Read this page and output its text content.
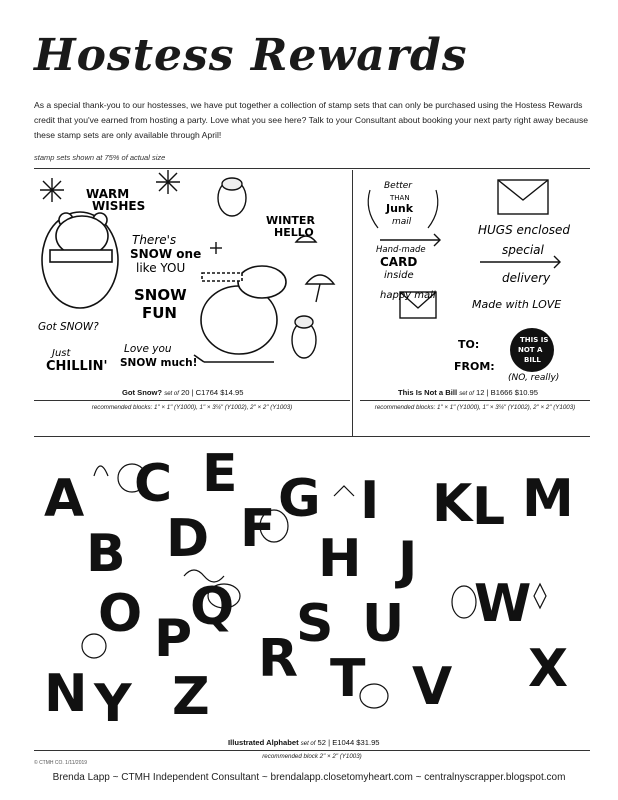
Hostess Rewards
As a special thank-you to our hostesses, we have put together a collection of stamp sets that can only be purchased using the Hostess Rewards credit that you've earned from hosting a party. Love what you see here? Talk to your Consultant about booking your next party right away because these stamp sets are only available through April!
stamp sets shown at 75% of actual size
WARM
WISHES
WINTER
HELLO
There's
SNOW one
like YOU
SNOW
FUN
Got SNOW?
Just
CHILLIN'
Love you
SNOW much!
Got Snow? set of 20 | C1764 $14.95
recommended blocks: 1" × 1" (Y1000), 1" × 3¼" (Y1002), 2" × 2" (Y1003)
Better
THAN
Junk
mail
HUGS enclosed
Hand-made
CARD
inside
special
delivery
happy mail
Made with LOVE
TO:
FROM:
THIS IS
NOT A
BILL
(NO, really)
This Is Not a Bill set of 12 | B1666 $10.95
recommended blocks: 1" × 1" (Y1000), 1" × 3¼" (Y1002), 2" × 2" (Y1003)
A
B
C
D
E
F G
H
I
J
K L M
N
O P
Q
R
S
T
U
V
W
X
Y Z
Illustrated Alphabet set of 52 | E1044 $31.95
recommended block 2" × 2" (Y1003)
© CTMH CO. 1/11/2019
Brenda Lapp ~ CTMH Independent Consultant ~ brendalapp.closetomyheart.com ~ centralnyscrapper.blogspot.com
